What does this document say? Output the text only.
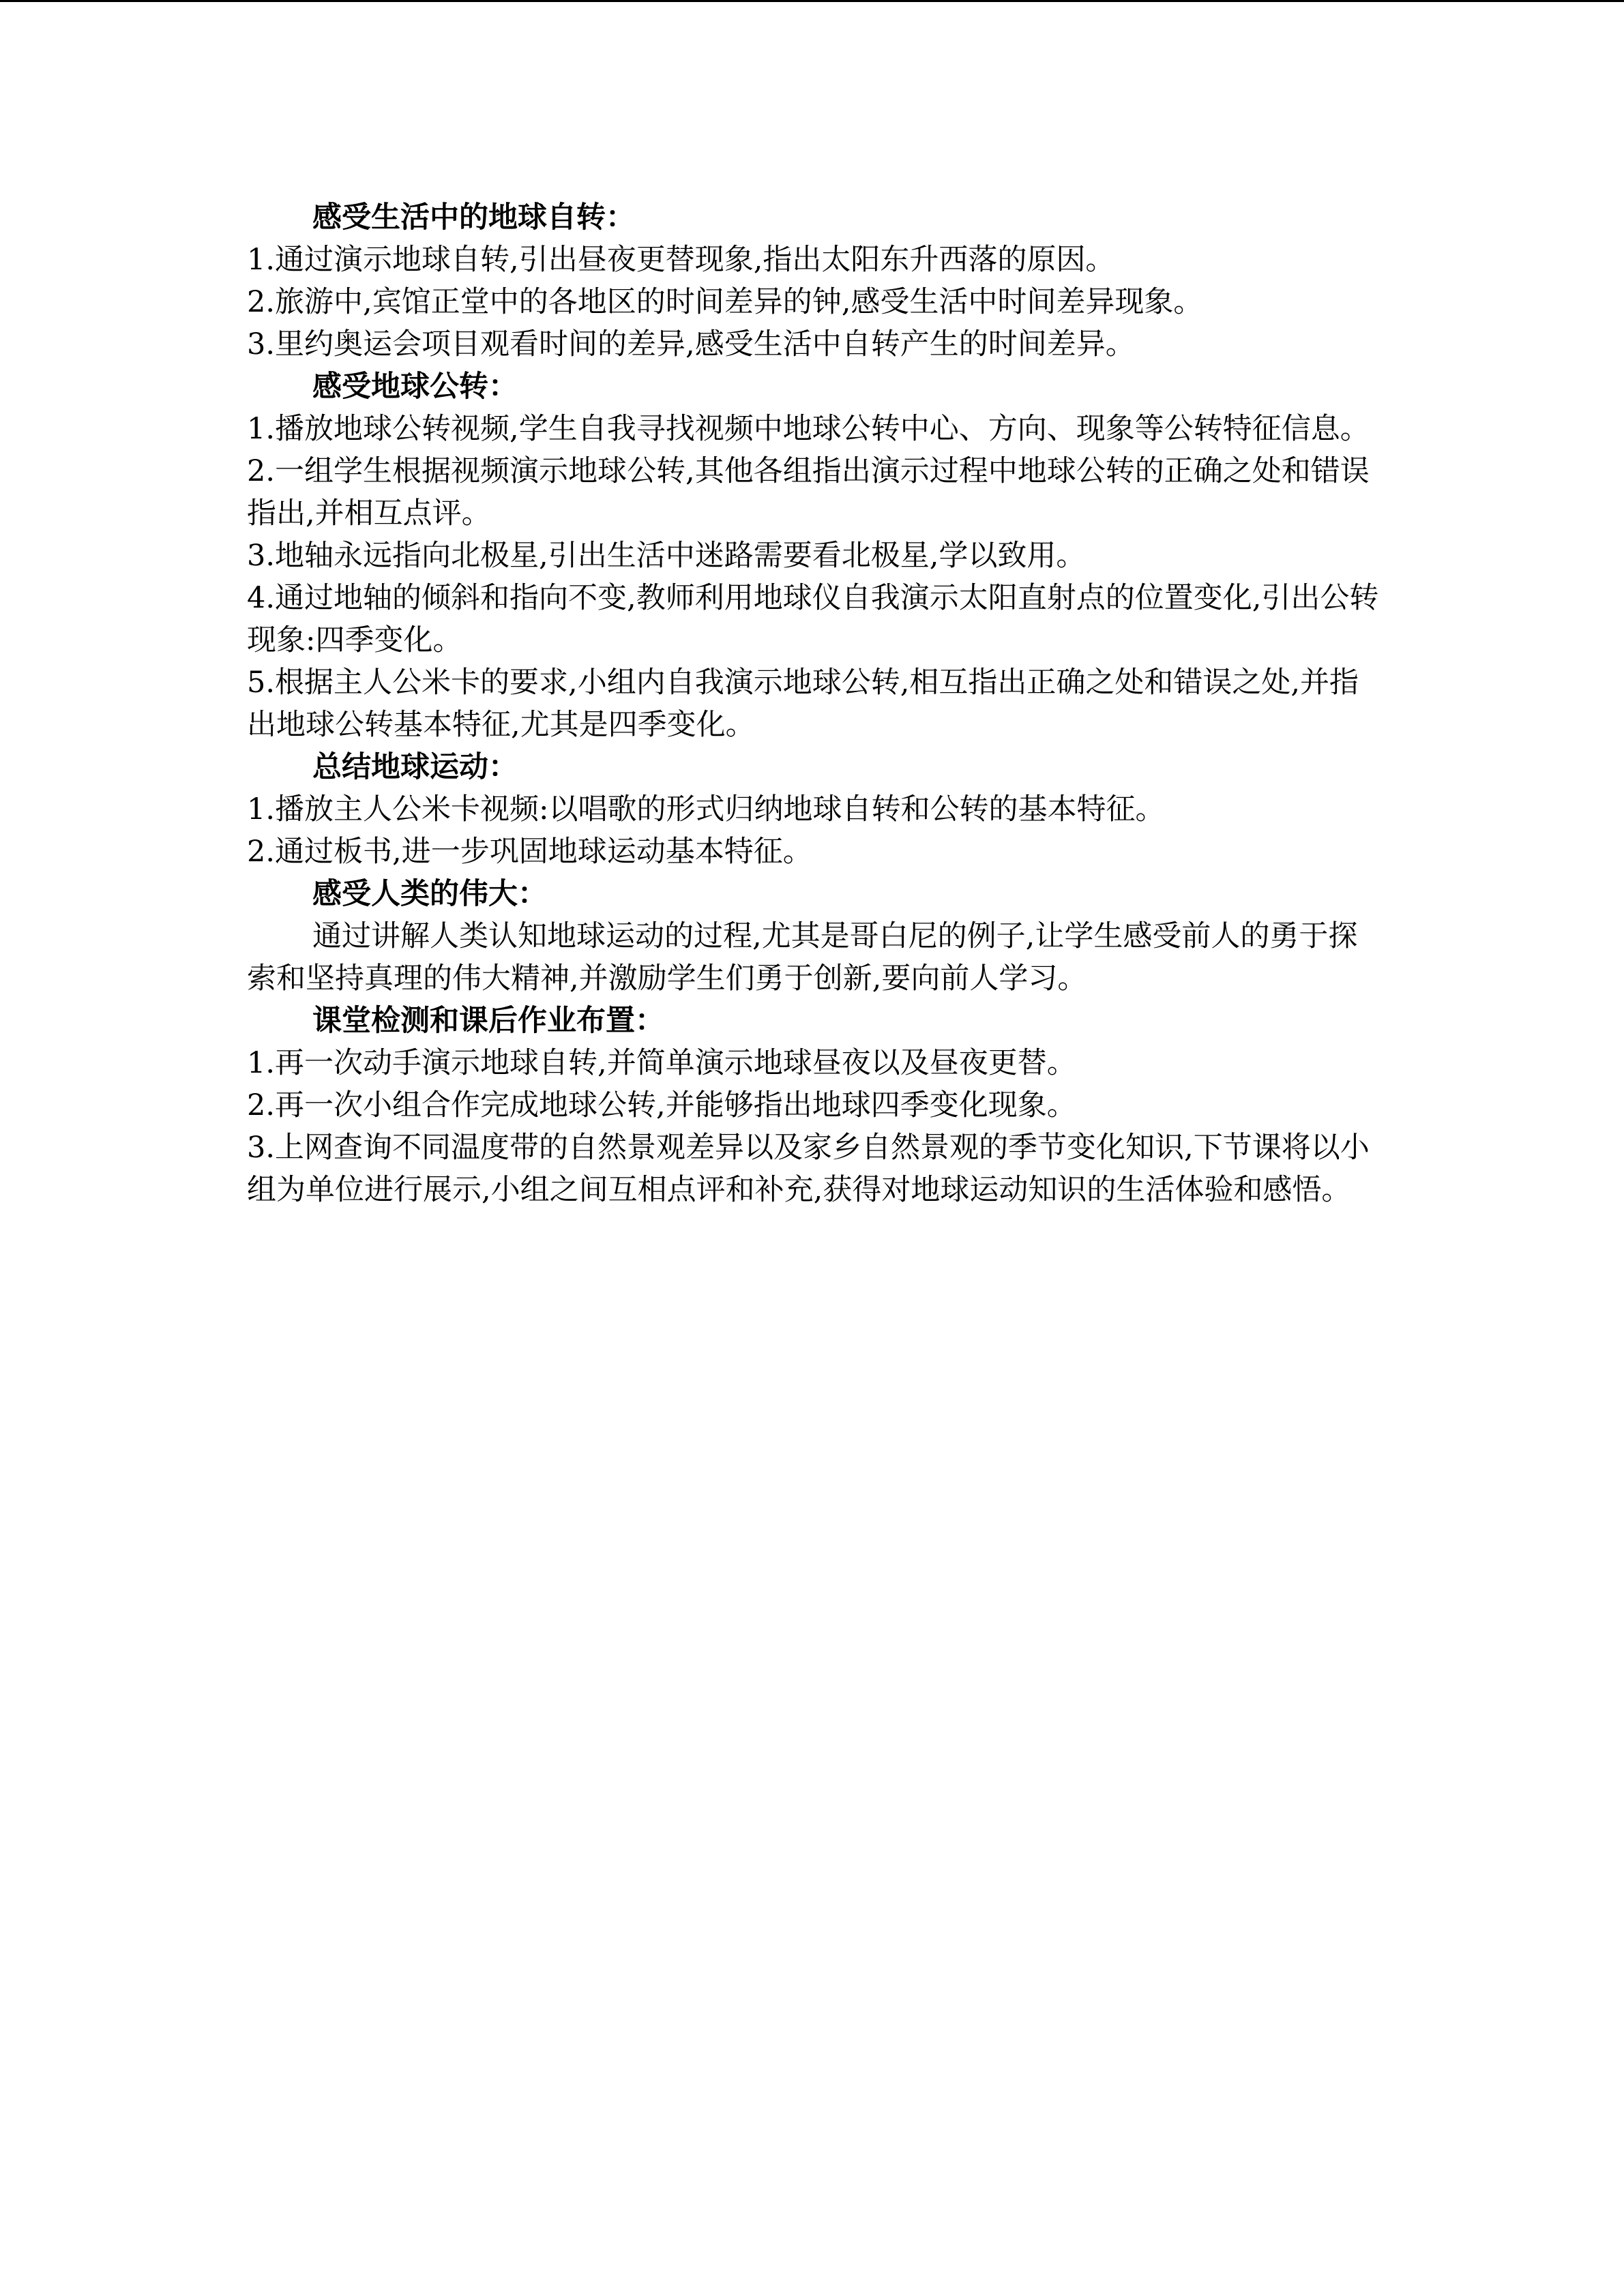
感受生活中的地球自转：

1.通过演示地球自转,引出昼夜更替现象,指出太阳东升西落的原因。

2.旅游中,宾馆正堂中的各地区的时间差异的钟,感受生活中时间差异现象。

3.里约奥运会项目观看时间的差异,感受生活中自转产生的时间差异。

感受地球公转：

1.播放地球公转视频,学生自我寻找视频中地球公转中心、方向、现象等公转特征信息。

2.一组学生根据视频演示地球公转,其他各组指出演示过程中地球公转的正确之处和错误指出,并相互点评。

3.地轴永远指向北极星,引出生活中迷路需要看北极星,学以致用。

4.通过地轴的倾斜和指向不变,教师利用地球仪自我演示太阳直射点的位置变化,引出公转现象:四季变化。

5.根据主人公米卡的要求,小组内自我演示地球公转,相互指出正确之处和错误之处,并指出地球公转基本特征,尤其是四季变化。

总结地球运动：

1.播放主人公米卡视频:以唱歌的形式归纳地球自转和公转的基本特征。

2.通过板书,进一步巩固地球运动基本特征。

感受人类的伟大：

通过讲解人类认知地球运动的过程,尤其是哥白尼的例子,让学生感受前人的勇于探索和坚持真理的伟大精神,并激励学生们勇于创新,要向前人学习。

课堂检测和课后作业布置：

1.再一次动手演示地球自转,并简单演示地球昼夜以及昼夜更替。

2.再一次小组合作完成地球公转,并能够指出地球四季变化现象。

3.上网查询不同温度带的自然景观差异以及家乡自然景观的季节变化知识,下节课将以小组为单位进行展示,小组之间互相点评和补充,获得对地球运动知识的生活体验和感悟。
